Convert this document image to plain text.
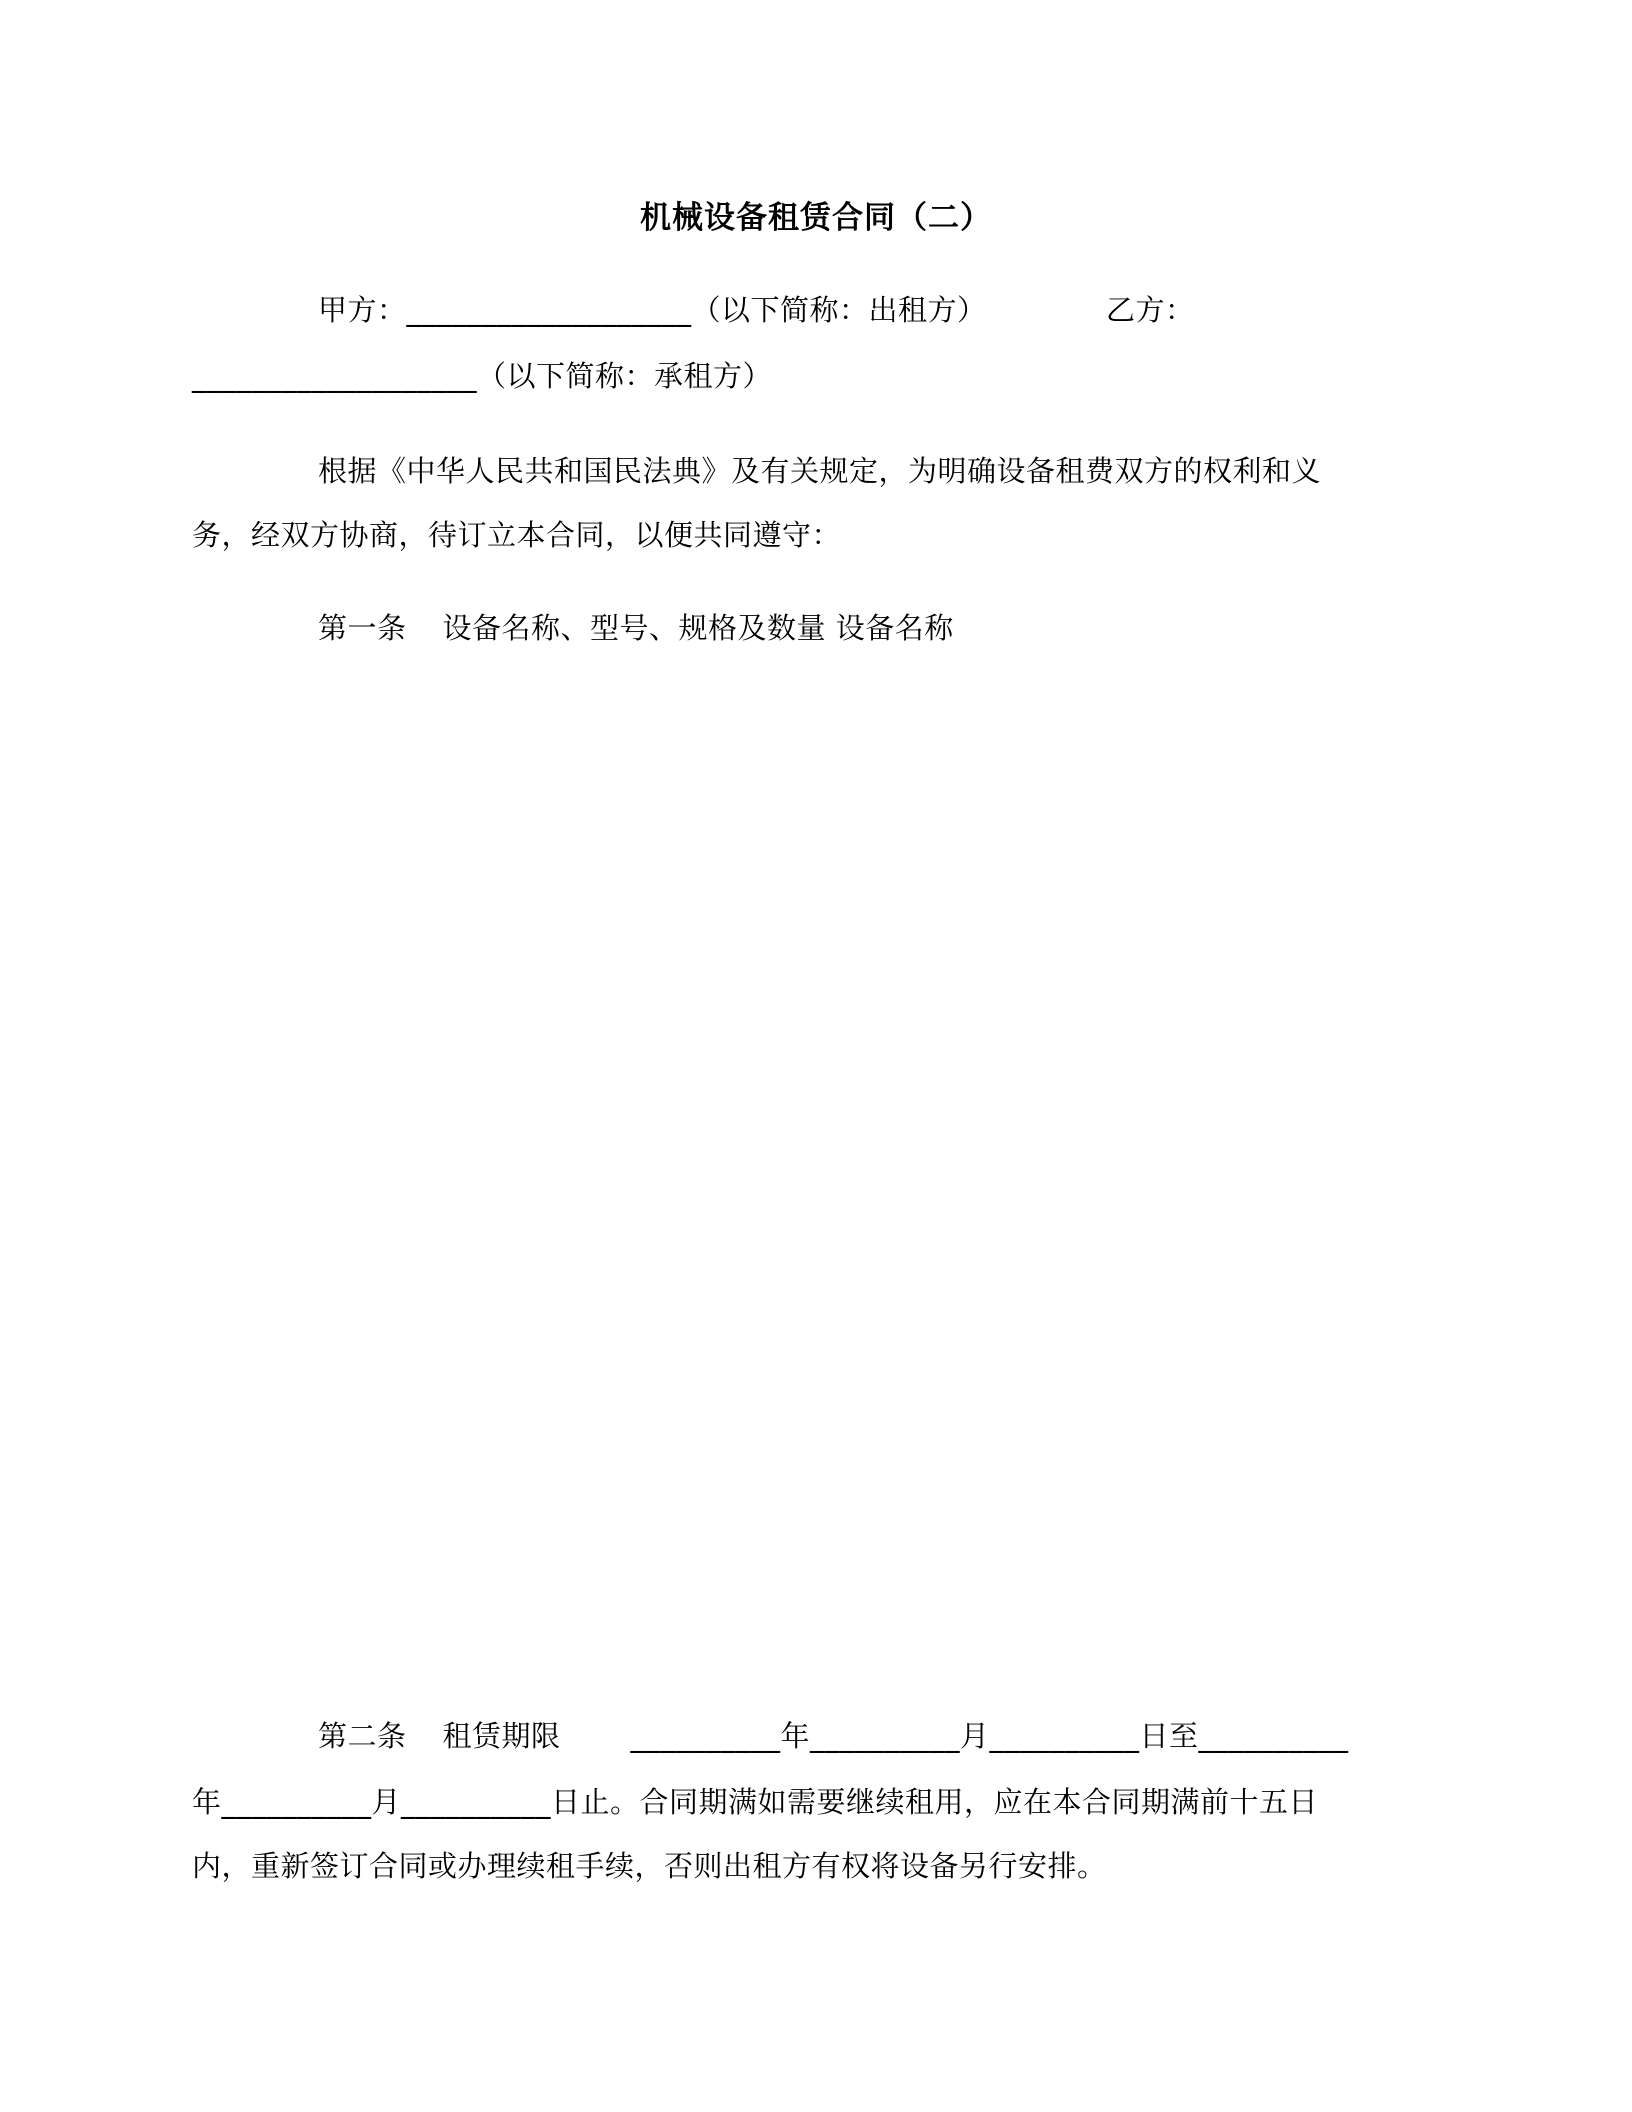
机械设备租赁合同（二）
甲方：___________________（以下简称：出租方）	乙方：
___________________（以下简称：承租方）
根据《中华人民共和国民法典》及有关规定，为明确设备租费双方的权利和义
务，经双方协商，待订立本合同，以便共同遵守：
第一条 设备名称、型号、规格及数量 设备名称
第二条 租赁期限 __________年__________月__________日至__________
年__________月__________日止。合同期满如需要继续租用，应在本合同期满前十五日
内，重新签订合同或办理续租手续，否则出租方有权将设备另行安排。
